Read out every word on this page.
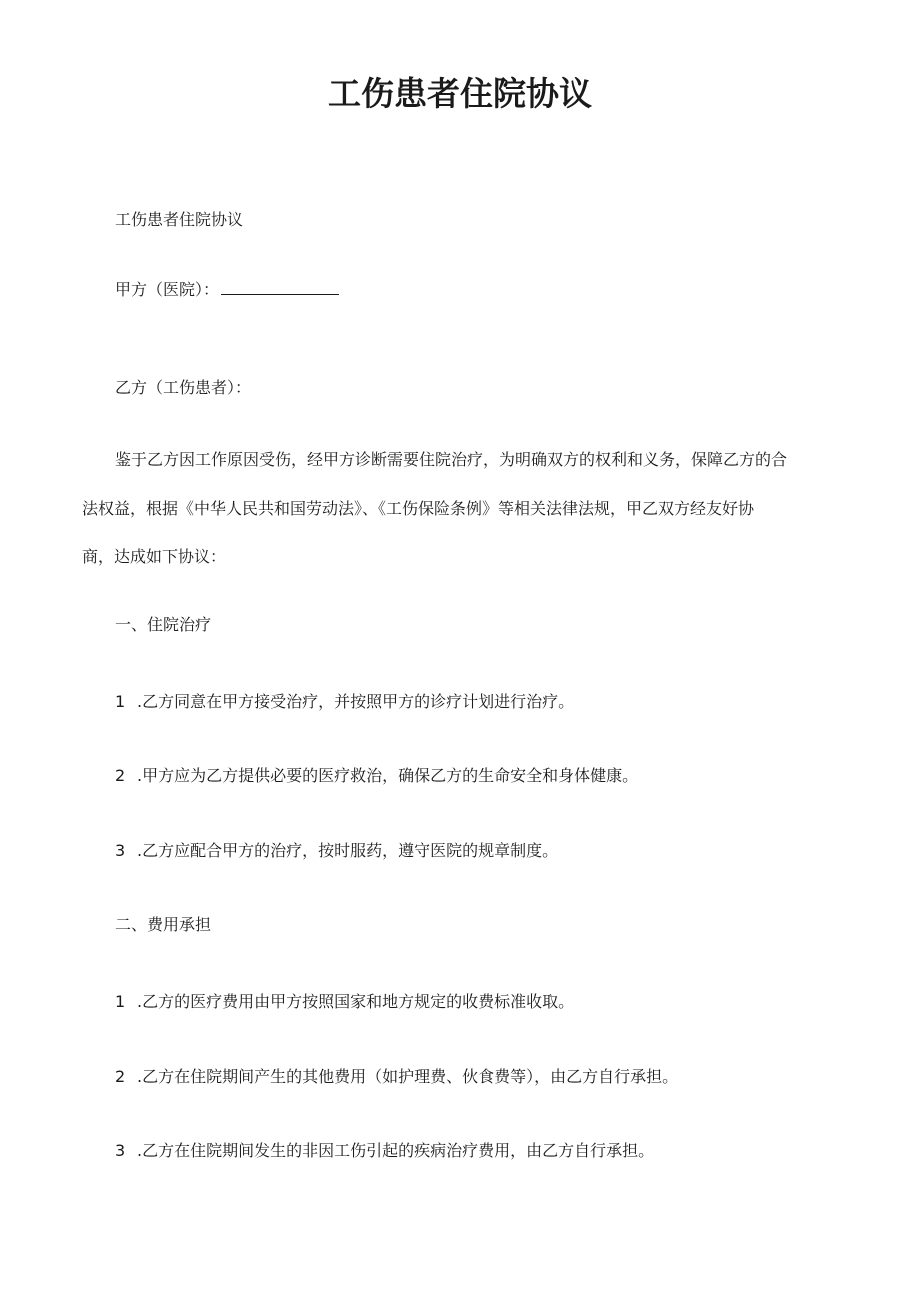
工伤患者住院协议
工伤患者住院协议
甲方（医院）：
乙方（工伤患者）：
鉴于乙方因工作原因受伤，经甲方诊断需要住院治疗，为明确双方的权利和义务，保障乙方的合
法权益，根据《中华人民共和国劳动法》、《工伤保险条例》等相关法律法规，甲乙双方经友好协
商，达成如下协议：
一、住院治疗
1 .乙方同意在甲方接受治疗，并按照甲方的诊疗计划进行治疗。
2 .甲方应为乙方提供必要的医疗救治，确保乙方的生命安全和身体健康。
3 .乙方应配合甲方的治疗，按时服药，遵守医院的规章制度。
二、费用承担
1 .乙方的医疗费用由甲方按照国家和地方规定的收费标准收取。
2 .乙方在住院期间产生的其他费用（如护理费、伙食费等），由乙方自行承担。
3 .乙方在住院期间发生的非因工伤引起的疾病治疗费用，由乙方自行承担。
